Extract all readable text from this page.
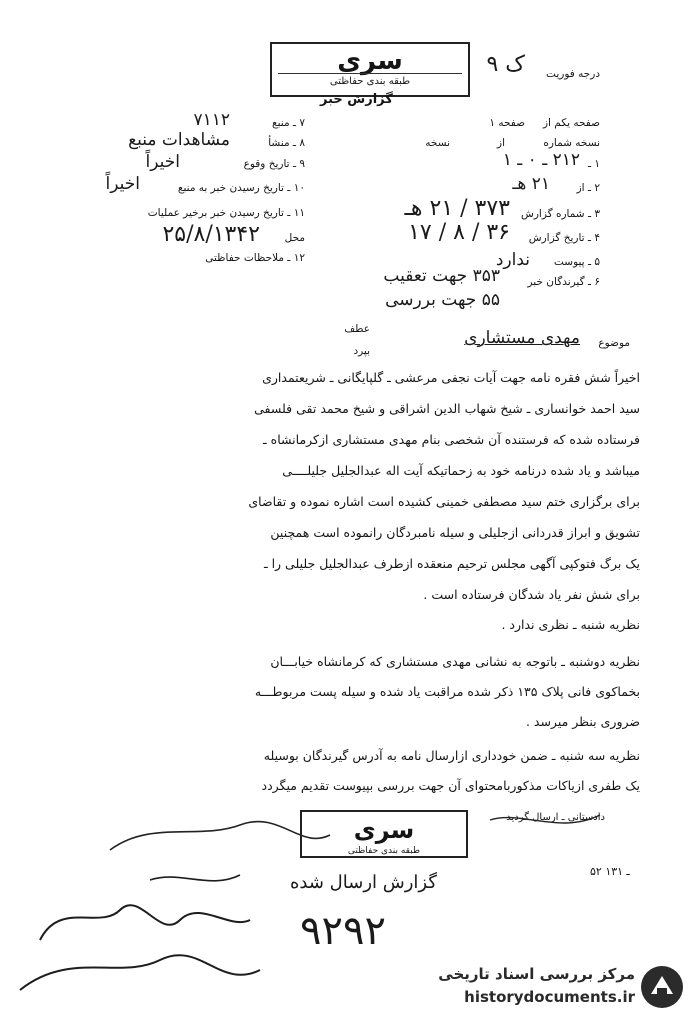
سری
طبقه بندی حفاظتی
درجه فوریت
ک ۹
گزارش خبر
صفحه یکم از
صفحه
۱
نسخه شماره
از
نسخه
۱ ـ
۲۱۲ ـ ۰ ـ ۱
۲ ـ از
۲۱ هـ
۳ ـ شماره گزارش
۳۷۳ / ۲۱ هـ
۴ ـ تاریخ گزارش
۱۷ / ۸ / ۳۶
۵ ـ پیوست
ندارد
۶ ـ گیرندگان خبر
۳۵۳ جهت تعقیب
۵۵ جهت بررسی
۷ ـ منبع
۷۱۱۲
۸ ـ منشأ
مشاهدات منبع
۹ ـ تاریخ وقوع
اخیراً
۱۰ ـ تاریخ رسیدن خبر به منبع
اخیراً
۱۱ ـ تاریخ رسیدن خبر برخیر عملیات
محل
۲۵/۸/۱۳۴۲
۱۲ ـ ملاحظات حفاظتی
عطف
بپرد
موضوع
مهدی مستشاری
اخیراً شش فقره نامه جهت آیات نجفی مرعشی ـ گلپایگانی ـ شریعتمداری
سید احمد خوانساری ـ شیخ شهاب الدین اشراقی و شیخ محمد تقی فلسفی
فرستاده شده که فرستنده آن شخصی بنام مهدی مستشاری ازکرمانشاه ـ
میباشد و یاد شده درنامه خود به زحماتیکه آیت اله عبدالجلیل جلیلــــی
برای برگزاری ختم سید مصطفی خمینی کشیده است اشاره نموده و تقاضای
تشویق و ابراز قدردانی ازجلیلی و سیله نامبردگان رانموده است همچنین
یک برگ فتوکپی آگهی مجلس ترحیم منعقده ازطرف عبدالجلیل جلیلی را ـ
برای شش نفر یاد شدگان فرستاده است .
نظریه شنبه ـ نظری ندارد .
نظریه دوشنبه ـ باتوجه به نشانی مهدی مستشاری که کرمانشاه خیابـــان
بخماکوی فانی پلاک ۱۳۵ ذکر شده مراقبت یاد شده و سیله پست مربوطـــه
ضروری بنظر میرسد .
نظریه سه شنبه ـ ضمن خودداری ازارسال نامه به آدرس گیرندگان بوسیله
یک طفری ازیاکات مذکوربامحتوای آن جهت بررسی بپیوست تقدیم میگردد
دادستانی ـ ارسال گردید
سری
طبقه بندی حفاظتی
۵۲ ـ ۱۳۱
گزارش ارسال شده
۹۲۹۲
مرکز بررسی اسناد تاریخی
historydocuments.ir
